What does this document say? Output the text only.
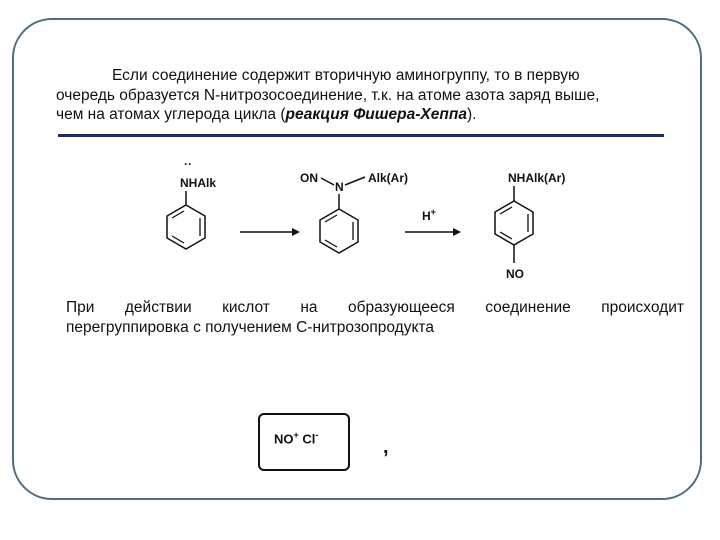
Если соединение содержит вторичную аминогруппу, то в первую
очередь образуется N-нитрозосоединение, т.к. на атоме азота заряд выше,
чем на атомах углерода цикла (реакция Фишера-Хеппа).
··
NHAlk	ON
N
Alk(Ar)
H+
NHAlk(Ar)
NO
При действии кислот на образующееся соединение происходит
перегруппировка с получением С-нитрозопродукта
NO+ Cl-
,
